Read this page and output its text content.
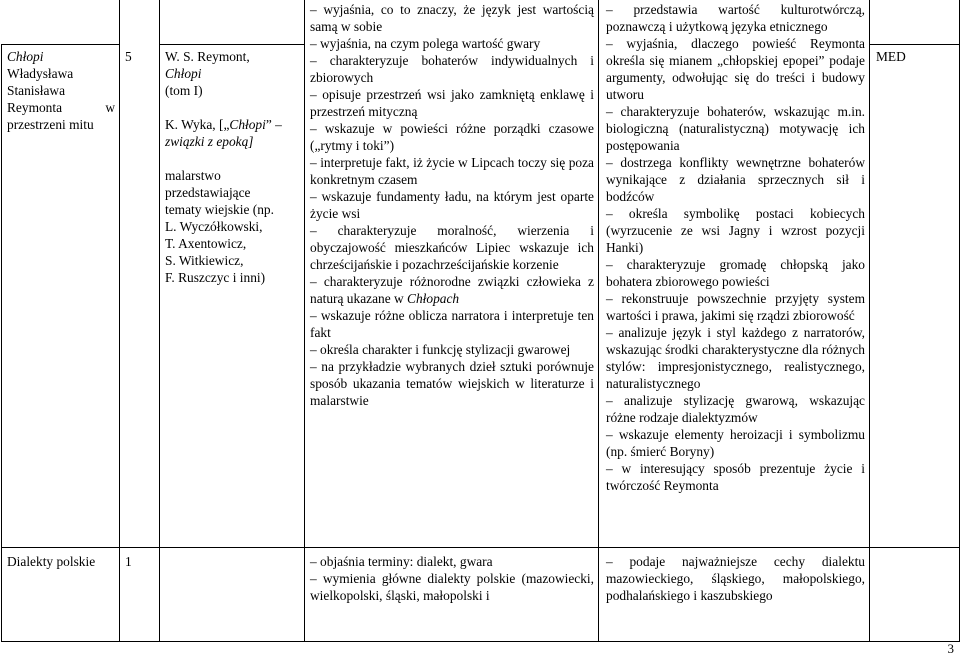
Chłopi

Władysława

Stanisława

Reymonta	w

przestrzeni mitu

5 W. S. Reymont,

Chłopi

(tom I)

K. Wyka, [„Chłopi” –

związki z epoką]

malarstwo

przedstawiające

tematy wiejskie (np.

L. Wyczółkowski,

T. Axentowicz,

S. Witkiewicz,

F. Ruszczyc i inni)

– wyjaśnia, co to znaczy, że język jest wartością samą w sobie

– wyjaśnia, na czym polega wartość gwary

– charakteryzuje bohaterów indywidualnych i zbiorowych

– opisuje przestrzeń wsi jako zamkniętą enklawę i przestrzeń mityczną

– wskazuje w powieści różne porządki czasowe („rytmy i toki”)

– interpretuje fakt, iż życie w Lipcach toczy się poza konkretnym czasem

– wskazuje fundamenty ładu, na którym jest oparte życie wsi

– charakteryzuje moralność, wierzenia i obyczajowość mieszkańców Lipiec wskazuje ich chrześcijańskie i pozachrześcijańskie korzenie

– charakteryzuje różnorodne związki człowieka z naturą ukazane w Chłopach

– wskazuje różne oblicza narratora i interpretuje ten fakt

– określa charakter i funkcję stylizacji gwarowej

– na przykładzie wybranych dzieł sztuki porównuje sposób ukazania tematów wiejskich w literaturze i malarstwie

– przedstawia wartość kulturotwórczą, poznawczą i użytkową języka etnicznego

– wyjaśnia, dlaczego powieść Reymonta określa się mianem „chłopskiej epopei” podaje argumenty, odwołując się do treści i budowy utworu

– charakteryzuje bohaterów, wskazując m.in. biologiczną (naturalistyczną) motywację ich postępowania

– dostrzega konflikty wewnętrzne bohaterów wynikające z działania sprzecznych sił i bodźców

– określa symbolikę postaci kobiecych (wyrzucenie ze wsi Jagny i wzrost pozycji Hanki)

– charakteryzuje gromadę chłopską jako bohatera zbiorowego powieści

– rekonstruuje powszechnie przyjęty system wartości i prawa, jakimi się rządzi zbiorowość

– analizuje język i styl każdego z narratorów, wskazując środki charakterystyczne dla różnych stylów: impresjonistycznego, realistycznego, naturalistycznego

– analizuje stylizację gwarową, wskazując różne rodzaje dialektyzmów

– wskazuje elementy heroizacji i symbolizmu (np. śmierć Boryny)

– w interesujący sposób prezentuje życie i twórczość Reymonta

MED
Dialekty polskie	1

–	objaśnia terminy: dialekt, gwara

– wymienia główne dialekty polskie (mazowiecki, wielkopolski, śląski, małopolski i

– podaje najważniejsze cechy dialektu mazowieckiego, śląskiego, małopolskiego, podhalańskiego i kaszubskiego

3
